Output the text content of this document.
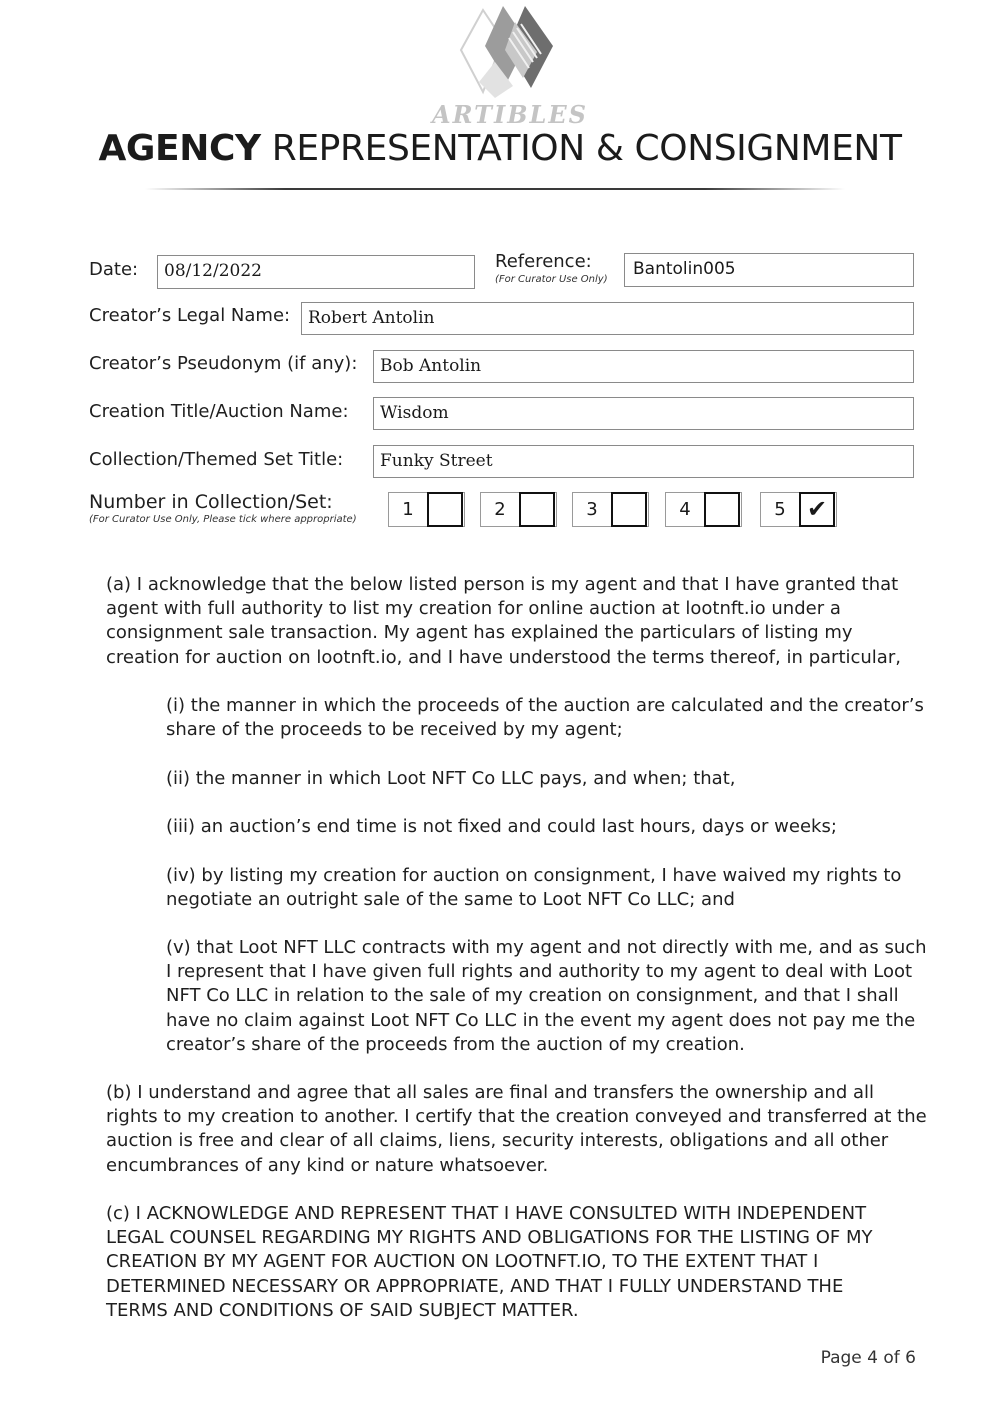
ARTIBLES
AGENCY REPRESENTATION & CONSIGNMENT
Date:	08/12/2022	Reference:
(For Curator Use Only)
Bantolin005
Creator’s Legal Name:	Robert Antolin
Creator’s Pseudonym (if any):	Bob Antolin
Creation Title/Auction Name:	Wisdom
Collection/Themed Set Title:	Funky Street
Number in Collection/Set:
(For Curator Use Only, Please tick where appropriate)	1	2	3	4	5 ✔
(a) I acknowledge that the below listed person is my agent and that I have granted that agent with full authority to list my creation for online auction at lootnft.io under a consignment sale transaction. My agent has explained the particulars of listing my creation for auction on lootnft.io, and I have understood the terms thereof, in particular,
(i) the manner in which the proceeds of the auction are calculated and the creator’s share of the proceeds to be received by my agent;
(ii) the manner in which Loot NFT Co LLC pays, and when; that,
(iii) an auction’s end time is not fixed and could last hours, days or weeks;
(iv) by listing my creation for auction on consignment, I have waived my rights to negotiate an outright sale of the same to Loot NFT Co LLC; and
(v) that Loot NFT LLC contracts with my agent and not directly with me, and as such I represent that I have given full rights and authority to my agent to deal with Loot NFT Co LLC in relation to the sale of my creation on consignment, and that I shall have no claim against Loot NFT Co LLC in the event my agent does not pay me the creator’s share of the proceeds from the auction of my creation.
(b) I understand and agree that all sales are final and transfers the ownership and all rights to my creation to another. I certify that the creation conveyed and transferred at the auction is free and clear of all claims, liens, security interests, obligations and all other encumbrances of any kind or nature whatsoever.
(c) I ACKNOWLEDGE AND REPRESENT THAT I HAVE CONSULTED WITH INDEPENDENT LEGAL COUNSEL REGARDING MY RIGHTS AND OBLIGATIONS FOR THE LISTING OF MY CREATION BY MY AGENT FOR AUCTION ON LOOTNFT.IO, TO THE EXTENT THAT I DETERMINED NECESSARY OR APPROPRIATE, AND THAT I FULLY UNDERSTAND THE TERMS AND CONDITIONS OF SAID SUBJECT MATTER.
Page 4 of 6
